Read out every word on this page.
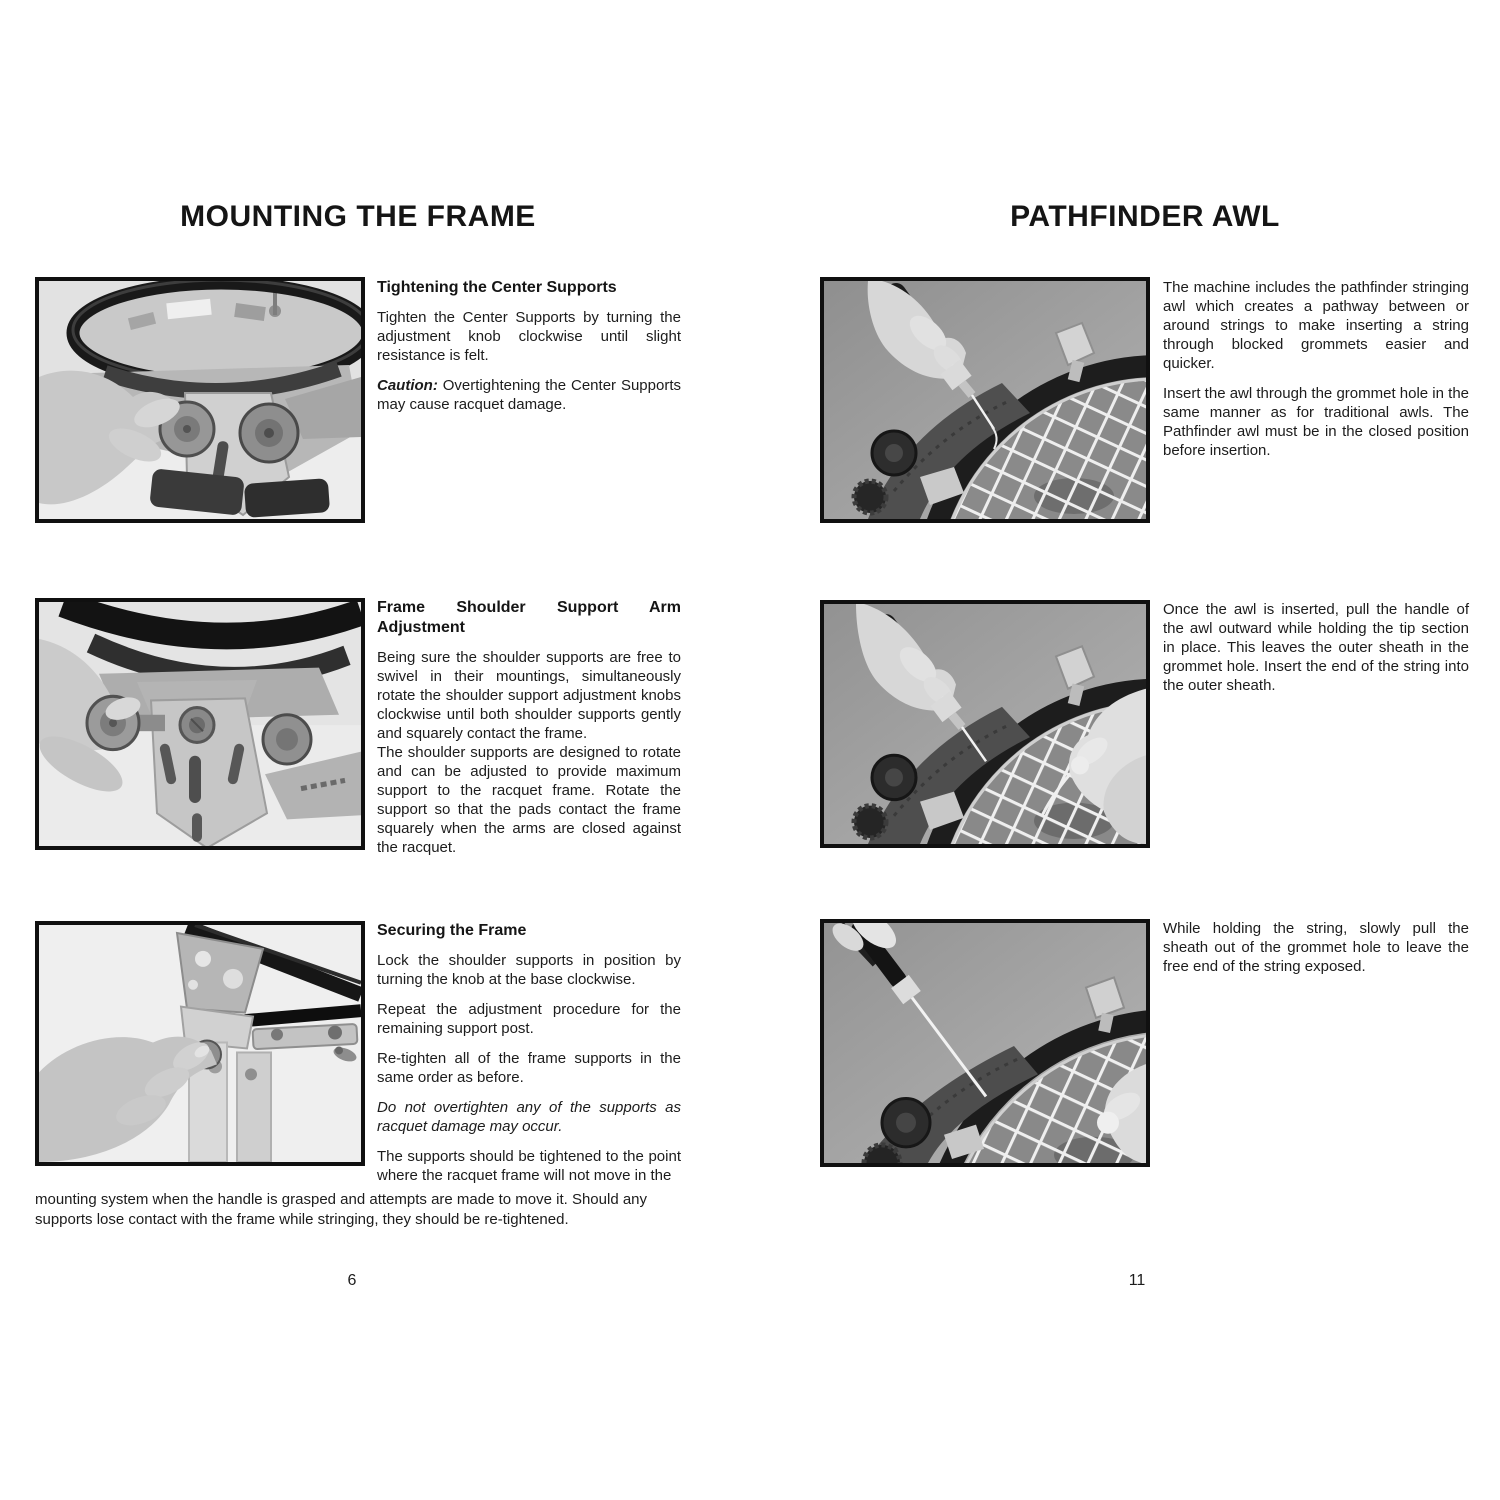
MOUNTING THE FRAME
Tightening the Center Supports

Tighten the Center Supports by turning the adjustment knob clockwise until slight resistance is felt.

Caution: Overtightening the Center Supports may cause racquet damage.

Frame Shoulder Support Arm
Adjustment

Being sure the shoulder supports are free to swivel in their mountings, simultaneously rotate the shoulder support adjustment knobs clockwise until both shoulder supports gently and squarely contact the frame.

The shoulder supports are designed to rotate and can be adjusted to provide maximum support to the racquet frame. Rotate the support so that the pads contact the frame squarely when the arms are closed against the racquet.

Securing the Frame

Lock the shoulder supports in position by turning the knob at the base clockwise.

Repeat the adjustment procedure for the remaining support post.

Re-tighten all of the frame supports in the same order as before.

Do not overtighten any of the supports as racquet damage may occur.

The supports should be tightened to the point where the racquet frame will not move in the

mounting system when the handle is grasped and attempts are made to move it. Should any supports lose contact with the frame while stringing, they should be re-tightened.
6
PATHFINDER AWL

The machine includes the pathfinder stringing awl which creates a pathway between or around strings to make inserting a string through blocked grommets easier and quicker.

Insert the awl through the grommet hole in the same manner as for traditional awls. The Pathfinder awl must be in the closed position before insertion.

Once the awl is inserted, pull the handle of the awl outward while holding the tip section in place. This leaves the outer sheath in the grommet hole. Insert the end of the string into the outer sheath.

While holding the string, slowly pull the sheath out of the grommet hole to leave the free end of the string exposed.

11
